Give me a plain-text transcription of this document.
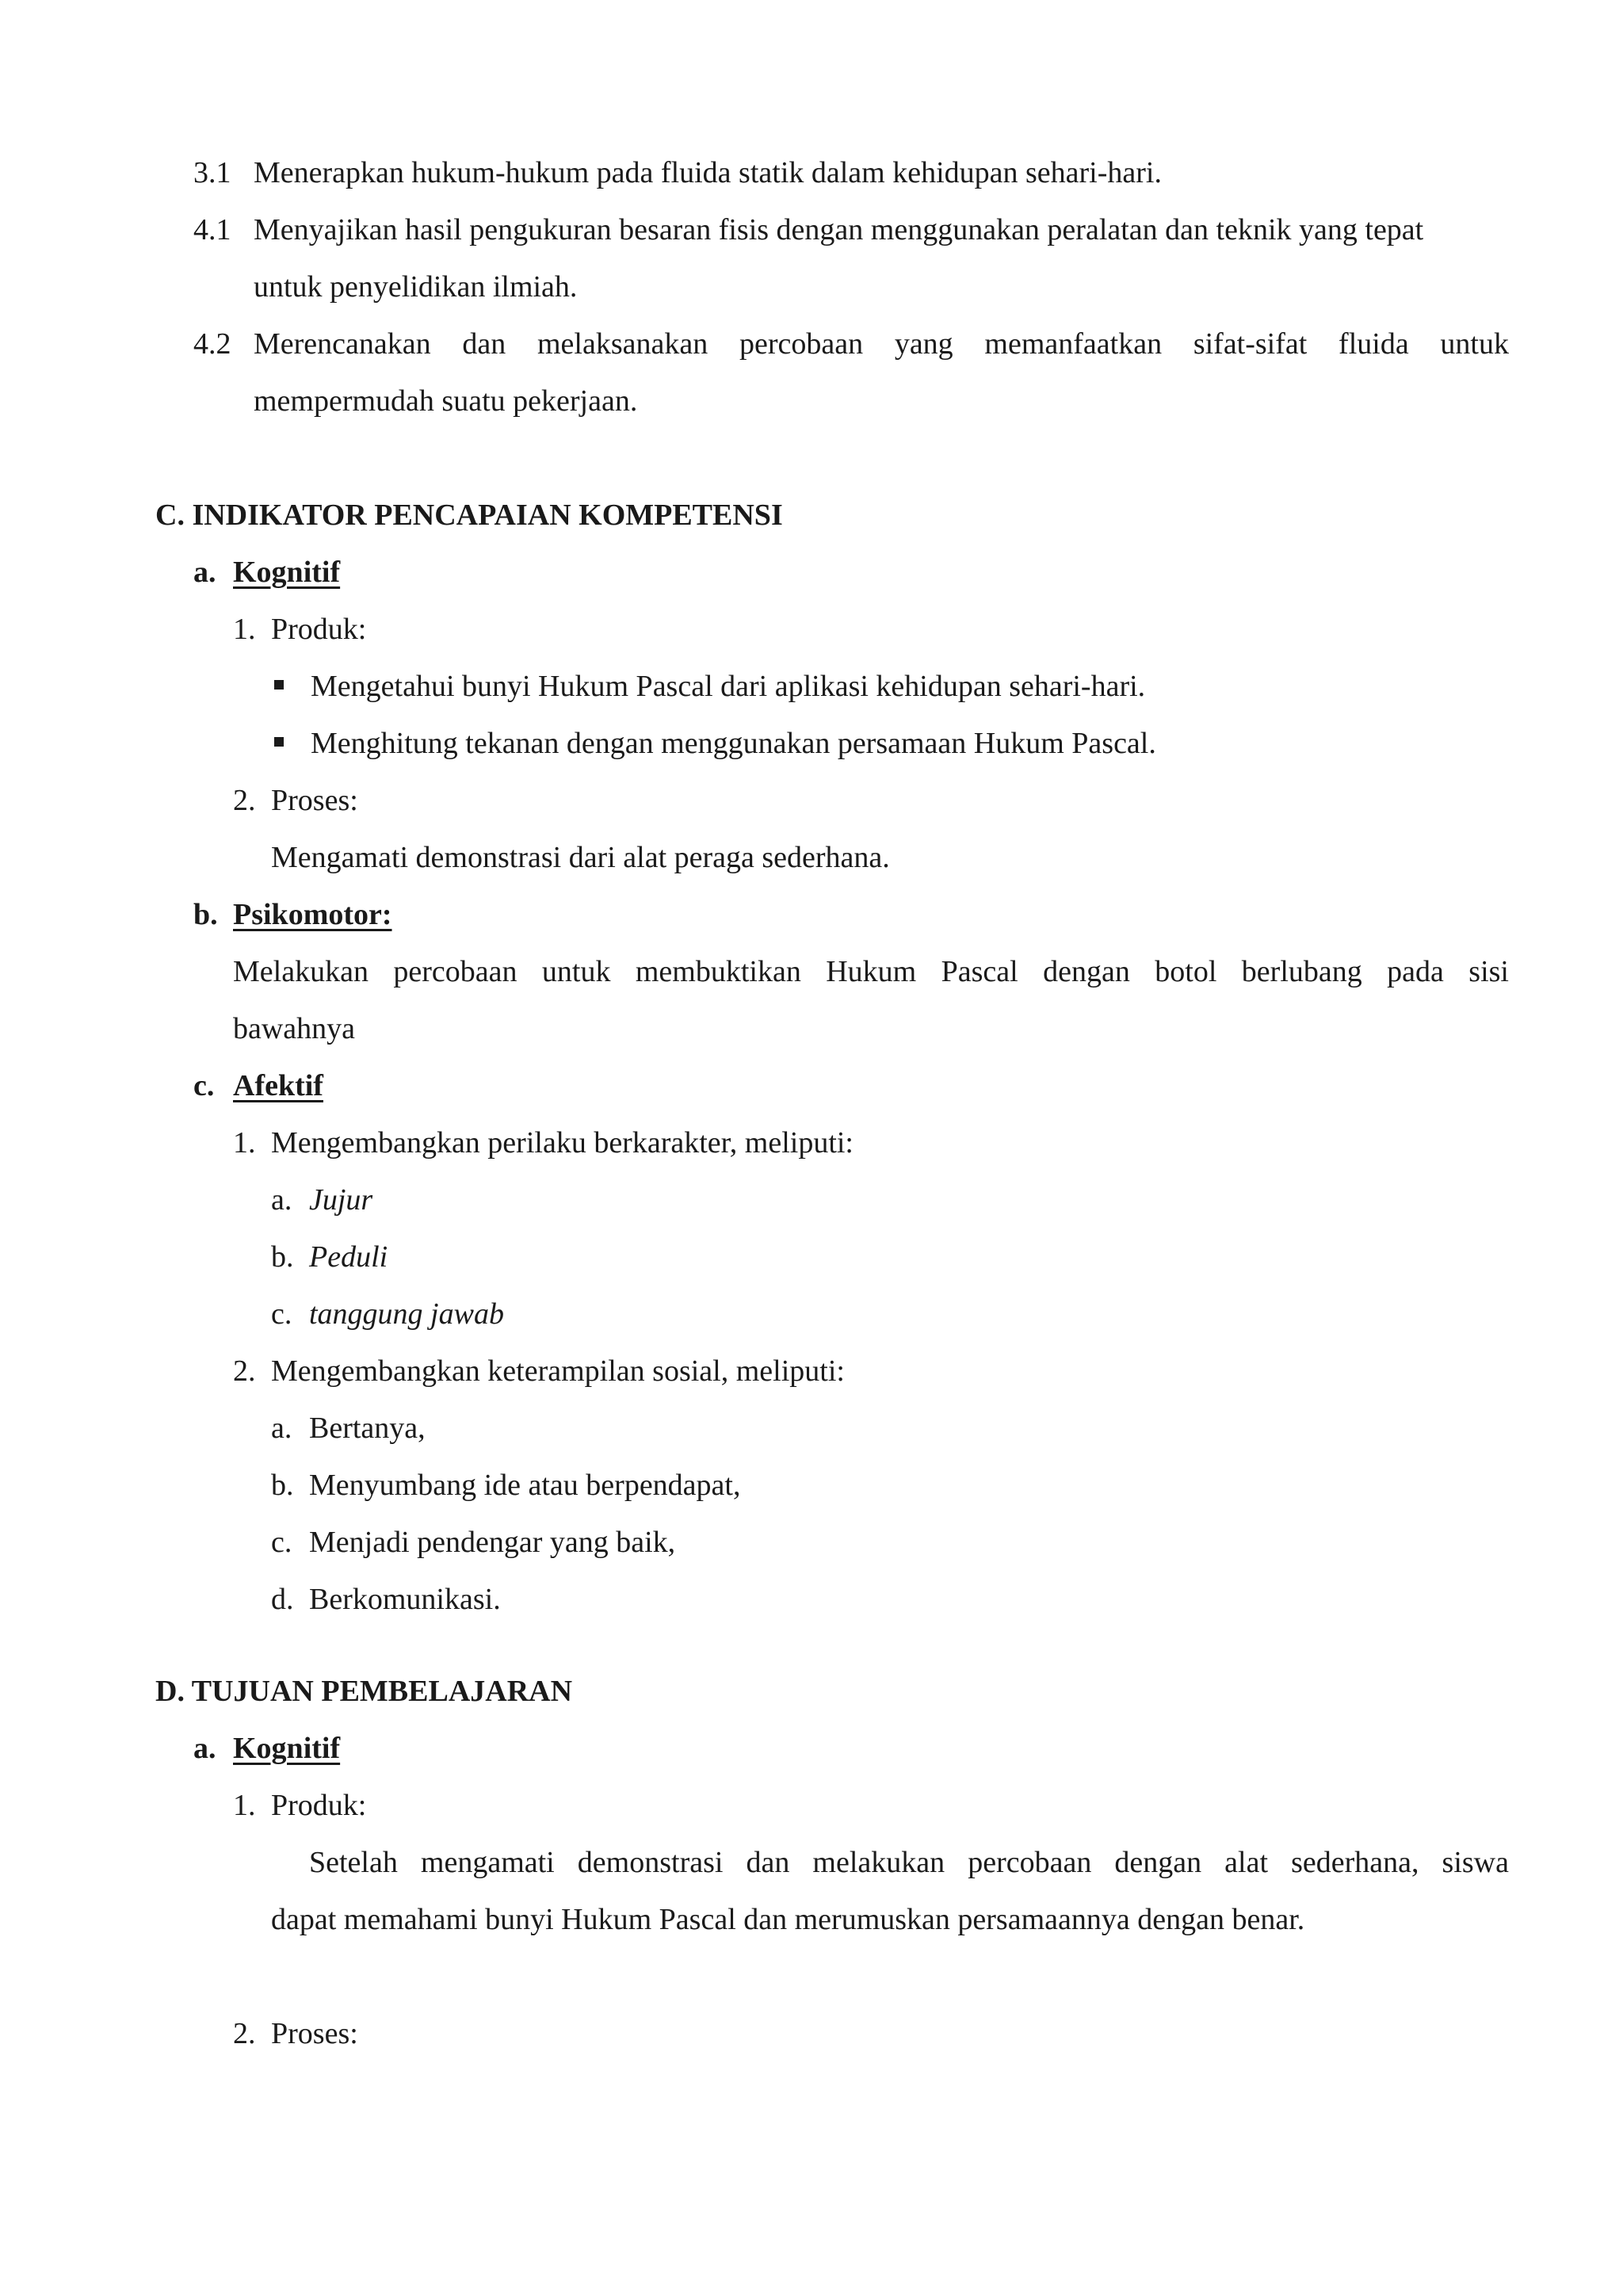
3.1 Menerapkan hukum-hukum pada fluida statik dalam kehidupan sehari-hari.
4.1 Menyajikan hasil pengukuran besaran fisis dengan menggunakan peralatan dan teknik yang tepat
untuk penyelidikan ilmiah.
4.2 Merencanakan dan melaksanakan percobaan yang memanfaatkan sifat-sifat fluida untuk
mempermudah suatu pekerjaan.
C. INDIKATOR PENCAPAIAN KOMPETENSI
a. Kognitif
1. Produk:
Mengetahui bunyi Hukum Pascal dari aplikasi kehidupan sehari-hari.
Menghitung tekanan dengan menggunakan persamaan Hukum Pascal.
2. Proses:
Mengamati demonstrasi dari alat peraga sederhana.
b. Psikomotor:
Melakukan percobaan untuk membuktikan Hukum Pascal dengan botol berlubang pada sisi
bawahnya
c. Afektif
1. Mengembangkan perilaku berkarakter, meliputi:
a. Jujur
b. Peduli
c. tanggung jawab
2. Mengembangkan keterampilan sosial, meliputi:
a. Bertanya,
b. Menyumbang ide atau berpendapat,
c. Menjadi pendengar yang baik,
d. Berkomunikasi.
D. TUJUAN PEMBELAJARAN
a. Kognitif
1. Produk:
Setelah mengamati demonstrasi dan melakukan percobaan dengan alat sederhana, siswa
dapat memahami bunyi Hukum Pascal dan merumuskan persamaannya dengan benar.
2. Proses:
